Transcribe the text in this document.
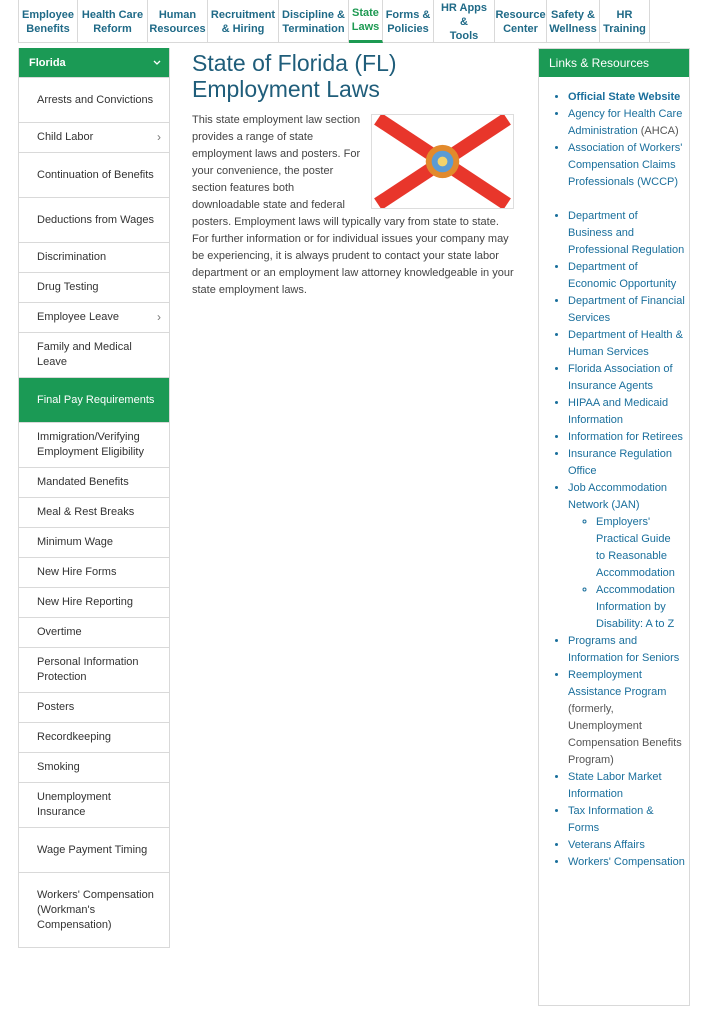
Employee
Benefits
Health Care
Reform
Human
Resources
Recruitment
& Hiring
Discipline &
Termination
State
Laws
Forms &
Policies
HR Apps &
Tools
Resource
Center
Safety &
Wellness
HR
Training
Florida
Arrests and Convictions
Child Labor	›
Continuation of Benefits
Deductions from Wages
Discrimination
Drug Testing
Employee Leave	›
Family and Medical Leave
Final Pay Requirements
Immigration/Verifying Employment Eligibility
Mandated Benefits
Meal & Rest Breaks
Minimum Wage
New Hire Forms
New Hire Reporting
Overtime
Personal Information Protection
Posters
Recordkeeping
Smoking
Unemployment Insurance
Wage Payment Timing
Workers' Compensation (Workman's Compensation)
State of Florida (FL) Employment Laws
This state employment law section provides a range of state employment laws and posters. For your convenience, the poster section features both downloadable state and federal posters. Employment laws will typically vary from state to state. For further information or for individual issues your company may be experiencing, it is always prudent to contact your state labor department or an employment law attorney knowledgeable in your state employment laws.
Links & Resources
• Official State Website
• Agency for Health Care Administration (AHCA)
• Association of Workers' Compensation Claims Professionals (WCCP)
• Department of Business and Professional Regulation
• Department of Economic Opportunity
• Department of Financial Services
• Department of Health & Human Services
• Florida Association of Insurance Agents
• HIPAA and Medicaid Information
• Information for Retirees
• Insurance Regulation Office
• Job Accommodation Network (JAN)
◦ Employers' Practical Guide to Reasonable Accommodation
◦ Accommodation Information by Disability: A to Z
• Programs and Information for Seniors
• Reemployment Assistance Program (formerly, Unemployment Compensation Benefits Program)
• State Labor Market Information
• Tax Information & Forms
• Veterans Affairs
• Workers' Compensation
